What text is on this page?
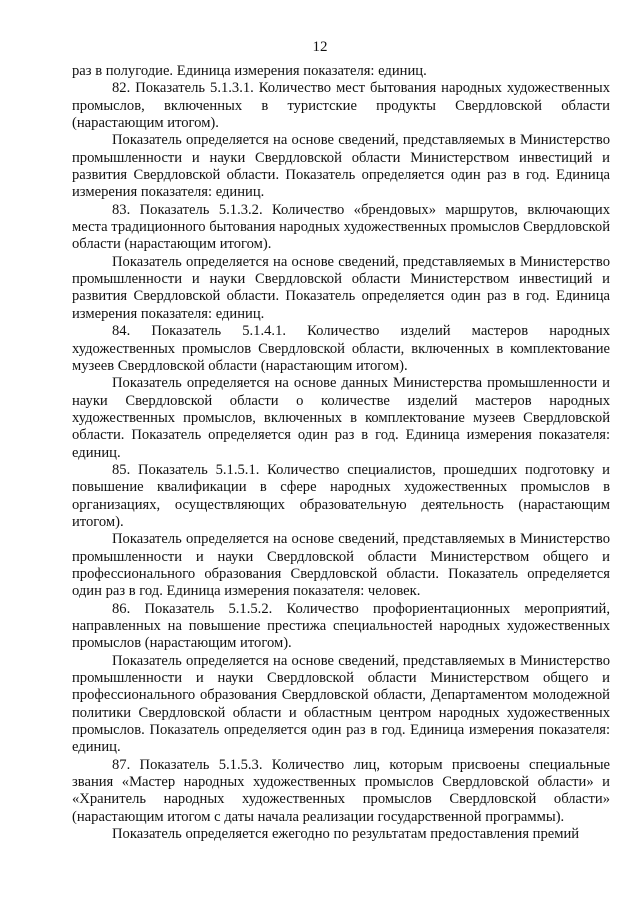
12

раз в полугодие. Единица измерения показателя: единиц.

82. Показатель 5.1.3.1. Количество мест бытования народных художественных промыслов, включенных в туристские продукты Свердловской области (нарастающим итогом).

Показатель определяется на основе сведений, представляемых в Министерство промышленности и науки Свердловской области Министерством инвестиций и развития Свердловской области. Показатель определяется один раз в год. Единица измерения показателя: единиц.

83. Показатель 5.1.3.2. Количество «брендовых» маршрутов, включающих места традиционного бытования народных художественных промыслов Свердловской области (нарастающим итогом).

Показатель определяется на основе сведений, представляемых в Министерство промышленности и науки Свердловской области Министерством инвестиций и развития Свердловской области. Показатель определяется один раз в год. Единица измерения показателя: единиц.

84. Показатель 5.1.4.1. Количество изделий мастеров народных художественных промыслов Свердловской области, включенных в комплектование музеев Свердловской области (нарастающим итогом).

Показатель определяется на основе данных Министерства промышленности и науки Свердловской области о количестве изделий мастеров народных художественных промыслов, включенных в комплектование музеев Свердловской области. Показатель определяется один раз в год. Единица измерения показателя: единиц.

85. Показатель 5.1.5.1. Количество специалистов, прошедших подготовку и повышение квалификации в сфере народных художественных промыслов в организациях, осуществляющих образовательную деятельность (нарастающим итогом).

Показатель определяется на основе сведений, представляемых в Министерство промышленности и науки Свердловской области Министерством общего и профессионального образования Свердловской области. Показатель определяется один раз в год. Единица измерения показателя: человек.

86. Показатель 5.1.5.2. Количество профориентационных мероприятий, направленных на повышение престижа специальностей народных художественных промыслов (нарастающим итогом).

Показатель определяется на основе сведений, представляемых в Министерство промышленности и науки Свердловской области Министерством общего и профессионального образования Свердловской области, Департаментом молодежной политики Свердловской области и областным центром народных художественных промыслов. Показатель определяется один раз в год. Единица измерения показателя: единиц.

87. Показатель 5.1.5.3. Количество лиц, которым присвоены специальные звания «Мастер народных художественных промыслов Свердловской области» и «Хранитель народных художественных промыслов Свердловской области» (нарастающим итогом с даты начала реализации государственной программы).

Показатель определяется ежегодно по результатам предоставления премий
